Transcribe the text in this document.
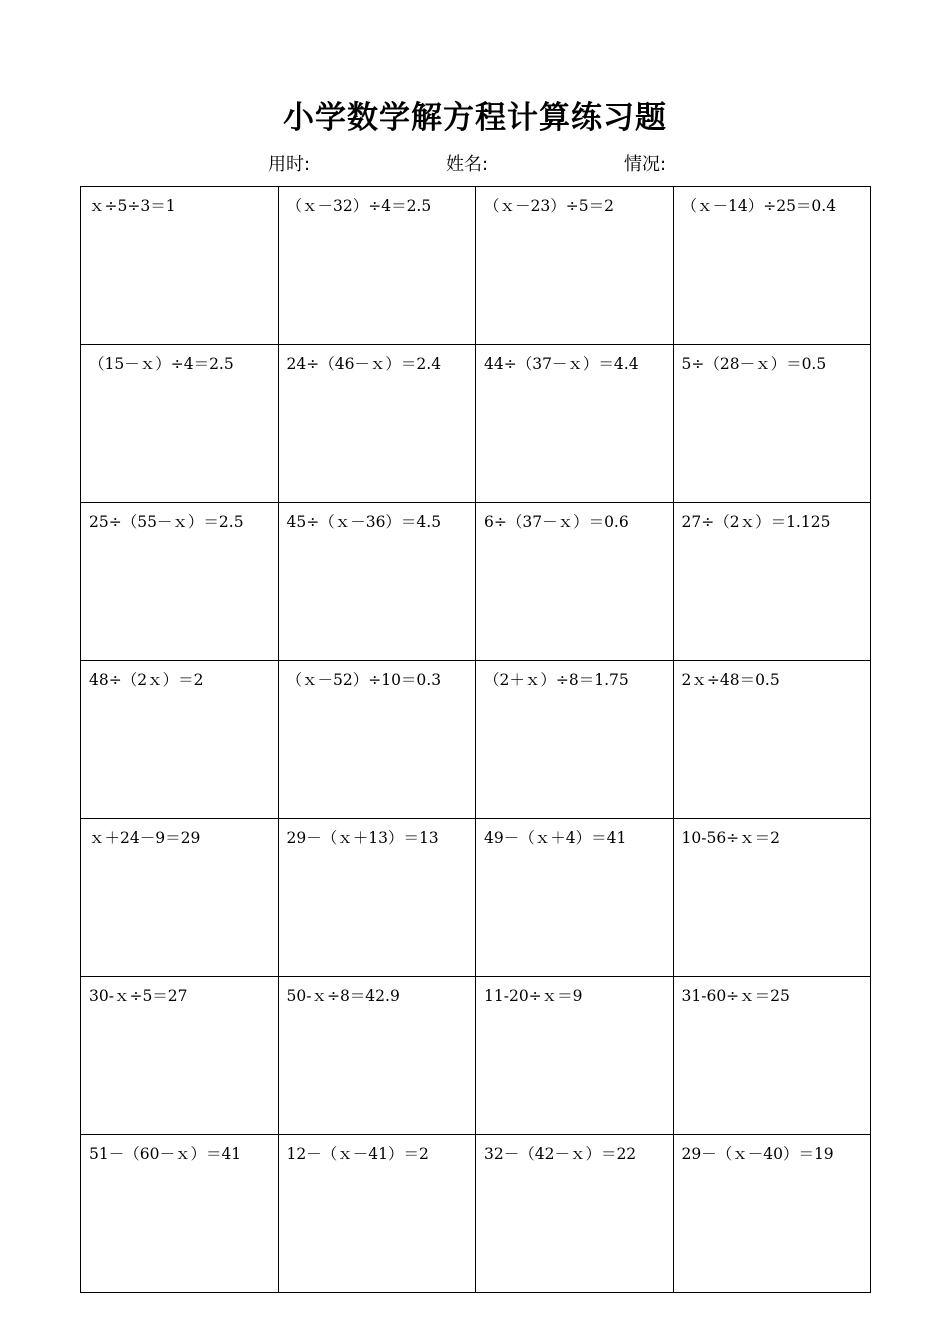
小学数学解方程计算练习题
用时:	姓名:	情况:
ｘ÷5÷3＝1	（ｘ－32）÷4＝2.5	（ｘ－23）÷5＝2	（ｘ－14）÷25＝0.4
（15－ｘ）÷4＝2.5	24÷（46－ｘ）＝2.4	44÷（37－ｘ）＝4.4	5÷（28－ｘ）＝0.5
25÷（55－ｘ）＝2.5	45÷（ｘ－36）＝4.5	6÷（37－ｘ）＝0.6	27÷（2ｘ）＝1.125
48÷（2ｘ）＝2	（ｘ－52）÷10＝0.3	（2＋ｘ）÷8＝1.75	2ｘ÷48＝0.5
ｘ＋24－9＝29	29－（ｘ＋13）＝13	49－（ｘ＋4）＝41	10-56÷ｘ＝2
30-ｘ÷5＝27	50-ｘ÷8＝42.9	11-20÷ｘ＝9	31-60÷ｘ＝25
51－（60－ｘ）＝41	12－（ｘ－41）＝2	32－（42－ｘ）＝22	29－（ｘ－40）＝19
